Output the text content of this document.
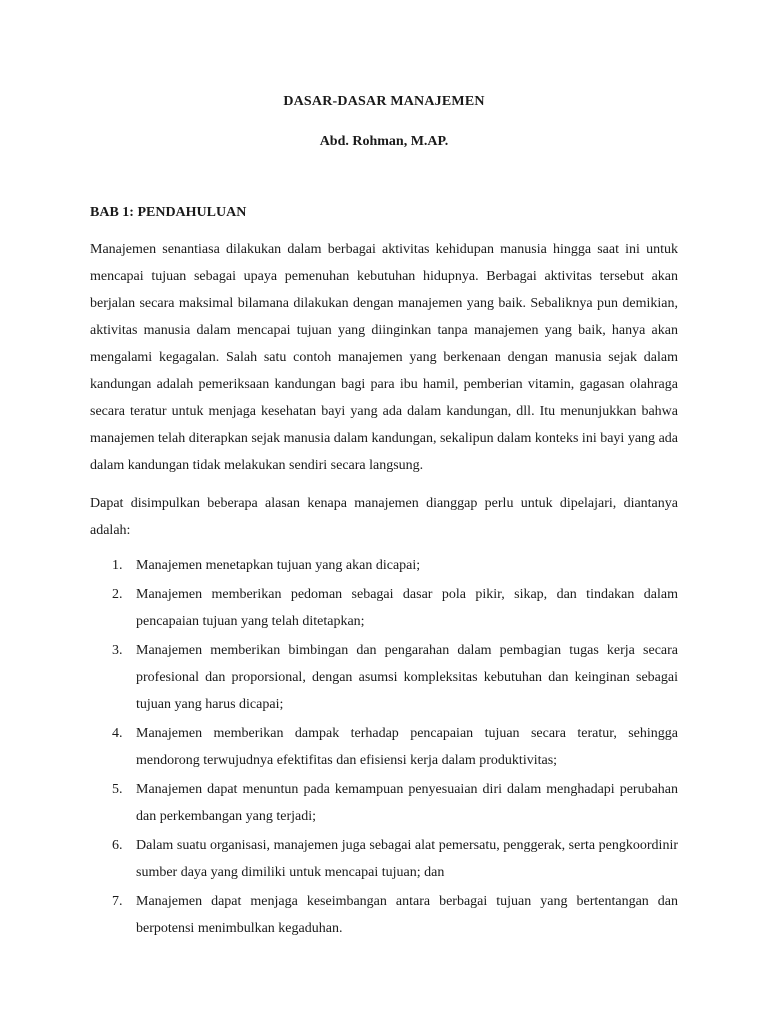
DASAR-DASAR MANAJEMEN
Abd. Rohman, M.AP.
BAB 1: PENDAHULUAN
Manajemen senantiasa dilakukan dalam berbagai aktivitas kehidupan manusia hingga saat ini untuk mencapai tujuan sebagai upaya pemenuhan kebutuhan hidupnya. Berbagai aktivitas tersebut akan berjalan secara maksimal bilamana dilakukan dengan manajemen yang baik. Sebaliknya pun demikian, aktivitas manusia dalam mencapai tujuan yang diinginkan tanpa manajemen yang baik, hanya akan mengalami kegagalan. Salah satu contoh manajemen yang berkenaan dengan manusia sejak dalam kandungan adalah pemeriksaan kandungan bagi para ibu hamil, pemberian vitamin, gagasan olahraga secara teratur untuk menjaga kesehatan bayi yang ada dalam kandungan, dll. Itu menunjukkan bahwa manajemen telah diterapkan sejak manusia dalam kandungan, sekalipun dalam konteks ini bayi yang ada dalam kandungan tidak melakukan sendiri secara langsung.
Dapat disimpulkan beberapa alasan kenapa manajemen dianggap perlu untuk dipelajari, diantanya adalah:
1. Manajemen menetapkan tujuan yang akan dicapai;
2. Manajemen memberikan pedoman sebagai dasar pola pikir, sikap, dan tindakan dalam pencapaian tujuan yang telah ditetapkan;
3. Manajemen memberikan bimbingan dan pengarahan dalam pembagian tugas kerja secara profesional dan proporsional, dengan asumsi kompleksitas kebutuhan dan keinginan sebagai tujuan yang harus dicapai;
4. Manajemen memberikan dampak terhadap pencapaian tujuan secara teratur, sehingga mendorong terwujudnya efektifitas dan efisiensi kerja dalam produktivitas;
5. Manajemen dapat menuntun pada kemampuan penyesuaian diri dalam menghadapi perubahan dan perkembangan yang terjadi;
6. Dalam suatu organisasi, manajemen juga sebagai alat pemersatu, penggerak, serta pengkoordinir sumber daya yang dimiliki untuk mencapai tujuan; dan
7. Manajemen dapat menjaga keseimbangan antara berbagai tujuan yang bertentangan dan berpotensi menimbulkan kegaduhan.
